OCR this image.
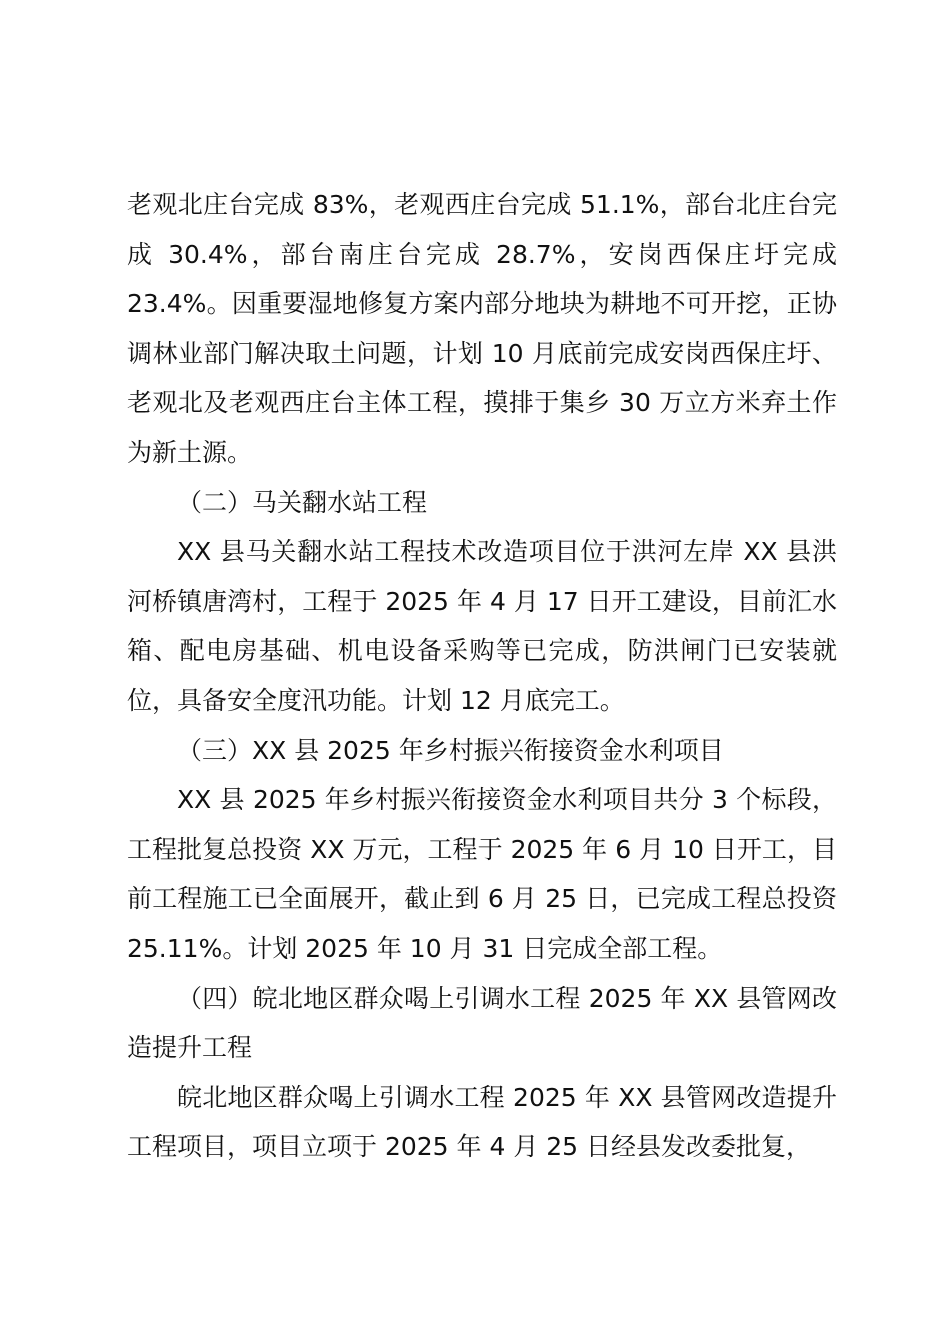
老观北庄台完成 83%，老观西庄台完成 51.1%，部台北庄台完成 30.4%，部台南庄台完成 28.7%，安岗西保庄圩完成 23.4%。因重要湿地修复方案内部分地块为耕地不可开挖，正协调林业部门解决取土问题，计划 10 月底前完成安岗西保庄圩、老观北及老观西庄台主体工程，摸排于集乡 30 万立方米弃土作为新土源。

（二）马关翻水站工程

XX 县马关翻水站工程技术改造项目位于洪河左岸 XX 县洪河桥镇唐湾村，工程于 2025 年 4 月 17 日开工建设，目前汇水箱、配电房基础、机电设备采购等已完成，防洪闸门已安装就位，具备安全度汛功能。计划 12 月底完工。

（三）XX 县 2025 年乡村振兴衔接资金水利项目

XX 县 2025 年乡村振兴衔接资金水利项目共分 3 个标段，工程批复总投资 XX 万元，工程于 2025 年 6 月 10 日开工，目前工程施工已全面展开，截止到 6 月 25 日，已完成工程总投资 25.11%。计划 2025 年 10 月 31 日完成全部工程。

（四）皖北地区群众喝上引调水工程 2025 年 XX 县管网改造提升工程

皖北地区群众喝上引调水工程 2025 年 XX 县管网改造提升工程项目，项目立项于 2025 年 4 月 25 日经县发改委批复，
